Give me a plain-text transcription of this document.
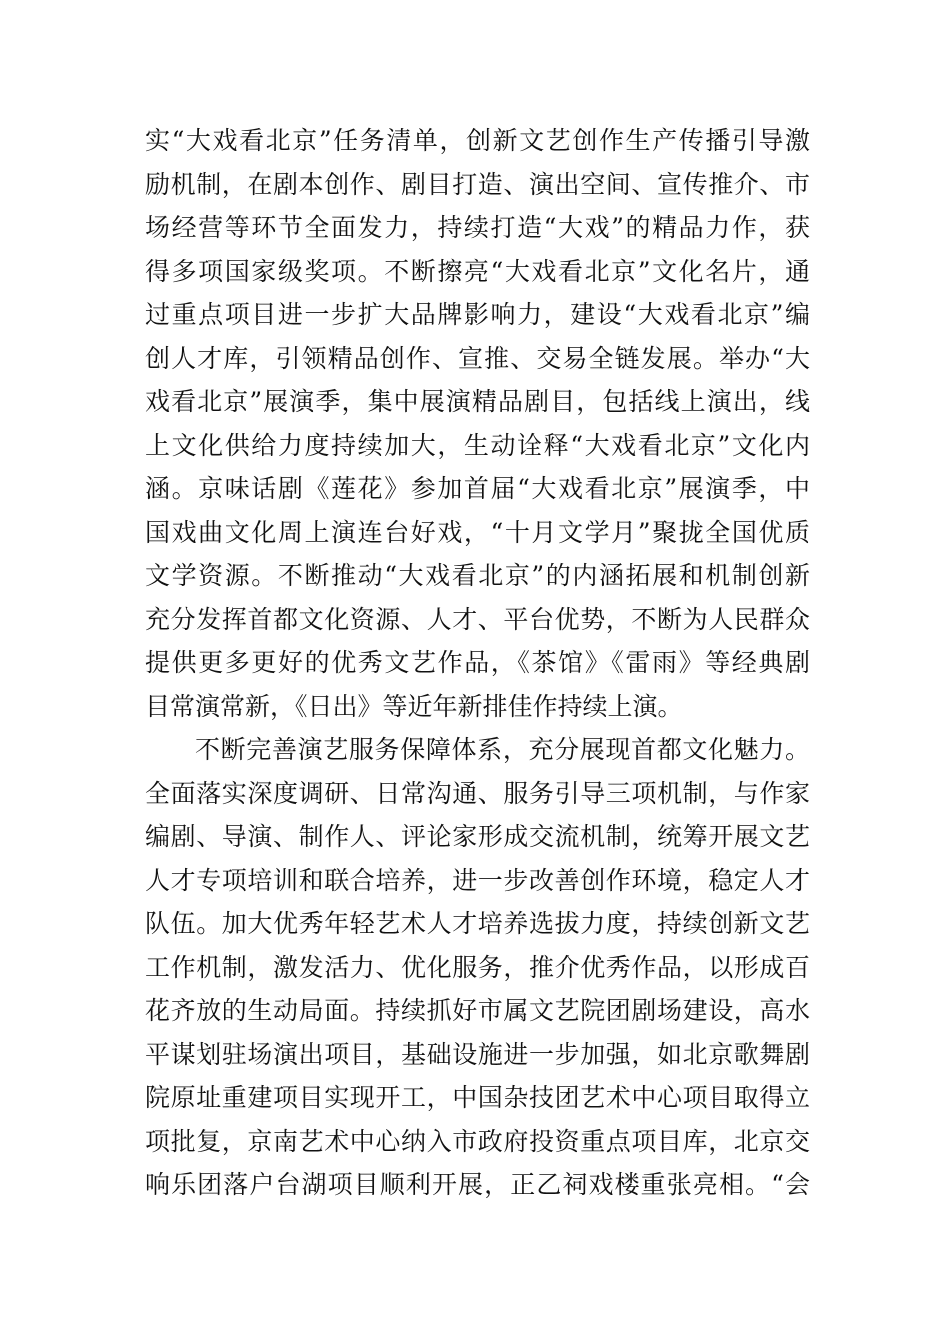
实“大戏看北京”任务清单，创新文艺创作生产传播引导激
励机制，在剧本创作、剧目打造、演出空间、宣传推介、市
场经营等环节全面发力，持续打造“大戏”的精品力作，获
得多项国家级奖项。不断擦亮“大戏看北京”文化名片，通
过重点项目进一步扩大品牌影响力，建设“大戏看北京”编
创人才库，引领精品创作、宣推、交易全链发展。举办“大
戏看北京”展演季，集中展演精品剧目，包括线上演出，线
上文化供给力度持续加大，生动诠释“大戏看北京”文化内
涵。京味话剧《莲花》参加首届“大戏看北京”展演季，中
国戏曲文化周上演连台好戏，“十月文学月”聚拢全国优质
文学资源。不断推动“大戏看北京”的内涵拓展和机制创新
充分发挥首都文化资源、人才、平台优势，不断为人民群众
提供更多更好的优秀文艺作品，《茶馆》《雷雨》等经典剧
目常演常新，《日出》等近年新排佳作持续上演。
不断完善演艺服务保障体系，充分展现首都文化魅力。
全面落实深度调研、日常沟通、服务引导三项机制，与作家
编剧、导演、制作人、评论家形成交流机制，统筹开展文艺
人才专项培训和联合培养，进一步改善创作环境，稳定人才
队伍。加大优秀年轻艺术人才培养选拔力度，持续创新文艺
工作机制，激发活力、优化服务，推介优秀作品，以形成百
花齐放的生动局面。持续抓好市属文艺院团剧场建设，高水
平谋划驻场演出项目，基础设施进一步加强，如北京歌舞剧
院原址重建项目实现开工，中国杂技团艺术中心项目取得立
项批复，京南艺术中心纳入市政府投资重点项目库，北京交
响乐团落户台湖项目顺利开展，正乙祠戏楼重张亮相。“会
